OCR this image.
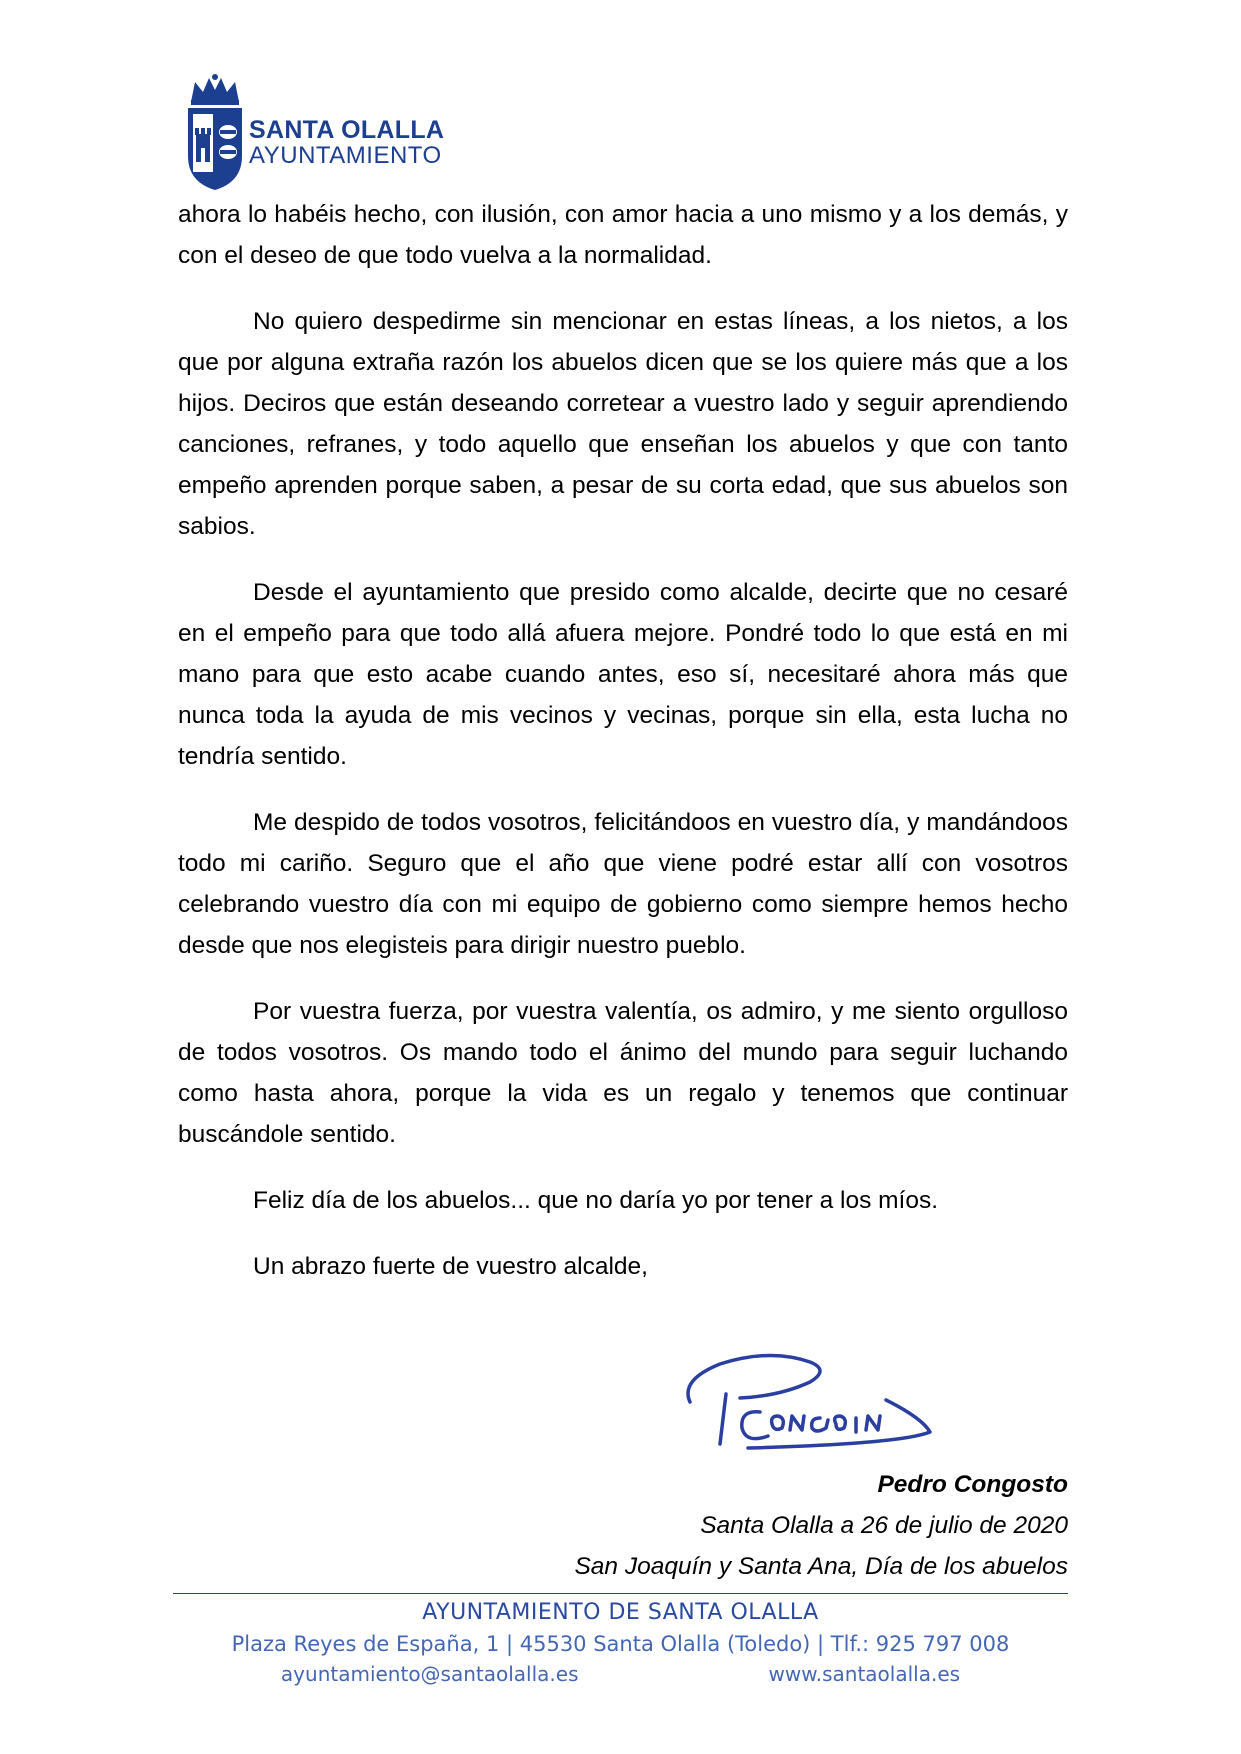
SANTA OLALLA
AYUNTAMIENTO

ahora lo habéis hecho, con ilusión, con amor hacia a uno mismo y a los demás, y con el deseo de que todo vuelva a la normalidad.

No quiero despedirme sin mencionar en estas líneas, a los nietos, a los que por alguna extraña razón los abuelos dicen que se los quiere más que a los hijos. Deciros que están deseando corretear a vuestro lado y seguir aprendiendo canciones, refranes, y todo aquello que enseñan los abuelos y que con tanto empeño aprenden porque saben, a pesar de su corta edad, que sus abuelos son sabios.

Desde el ayuntamiento que presido como alcalde, decirte que no cesaré en el empeño para que todo allá afuera mejore. Pondré todo lo que está en mi mano para que esto acabe cuando antes, eso sí, necesitaré ahora más que nunca toda la ayuda de mis vecinos y vecinas, porque sin ella, esta lucha no tendría sentido.

Me despido de todos vosotros, felicitándoos en vuestro día, y mandándoos todo mi cariño. Seguro que el año que viene podré estar allí con vosotros celebrando vuestro día con mi equipo de gobierno como siempre hemos hecho desde que nos elegisteis para dirigir nuestro pueblo.

Por vuestra fuerza, por vuestra valentía, os admiro, y me siento orgulloso de todos vosotros. Os mando todo el ánimo del mundo para seguir luchando como hasta ahora, porque la vida es un regalo y tenemos que continuar buscándole sentido.

Feliz día de los abuelos... que no daría yo por tener a los míos.

Un abrazo fuerte de vuestro alcalde,

Pedro Congosto
Santa Olalla a 26 de julio de 2020
San Joaquín y Santa Ana, Día de los abuelos
AYUNTAMIENTO DE SANTA OLALLA
Plaza Reyes de España, 1 | 45530 Santa Olalla (Toledo) | Tlf.: 925 797 008
ayuntamiento@santaolalla.es	www.santaolalla.es
